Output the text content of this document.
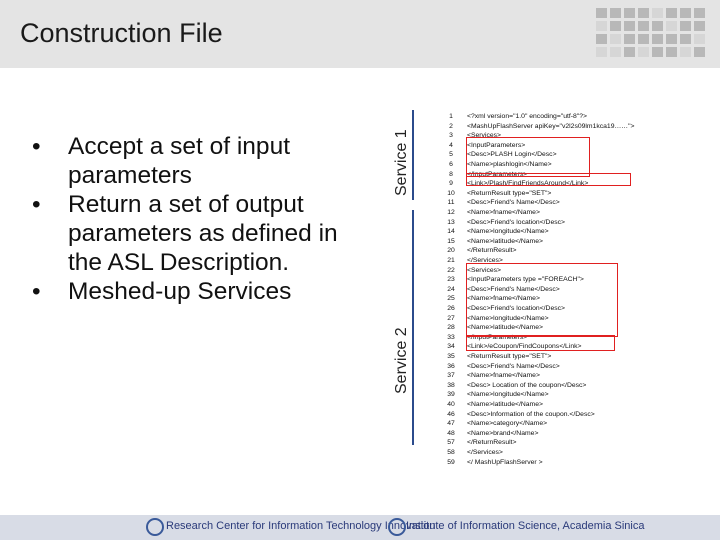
Construction File
• Accept a set of input parameters
• Return a set of output parameters as defined in the ASL Description.
• Meshed-up Services
Service 1
Service 2
1	<?xml version="1.0" encoding="utf-8"?>
2	<MashUpFlashServer apiKey="v2l2s09lm1kca19……">
3	<Services>
4	<InputParameters>
5	<Desc>PLASH Login</Desc>
6	<Name>plashlogin</Name>
8	</InputParameters>
9	<Link>/Plash/FindFriendsAround</Link>
10	<ReturnResult type="SET">
11	<Desc>Friend's Name</Desc>
12	<Name>fname</Name>
13	<Desc>Friend's location</Desc>
14	<Name>longitude</Name>
15	<Name>latitude</Name>
20	</ReturnResult>
21	</Services>
22	<Services>
23	<InputParameters type ="FOREACH">
24	<Desc>Friend's Name</Desc>
25	<Name>fname</Name>
26	<Desc>Friend's location</Desc>
27	<Name>longitude</Name>
28	<Name>latitude</Name>
33	</InputParameters>
34	<Link>/eCoupon/FindCoupons</Link>
35	<ReturnResult type="SET">
36	<Desc>Friend's Name</Desc>
37	<Name>fname</Name>
38	<Desc> Location of the coupon</Desc>
39	<Name>longitude</Name>
40	<Name>latitude</Name>
46	<Desc>Information of the coupon.</Desc>
47	<Name>category</Name>
48	<Name>brand</Name>
57	</ReturnResult>
58	</Services>
59	</ MashUpFlashServer >
Research Center for Information Technology Innovation
Institute of Information Science, Academia Sinica
